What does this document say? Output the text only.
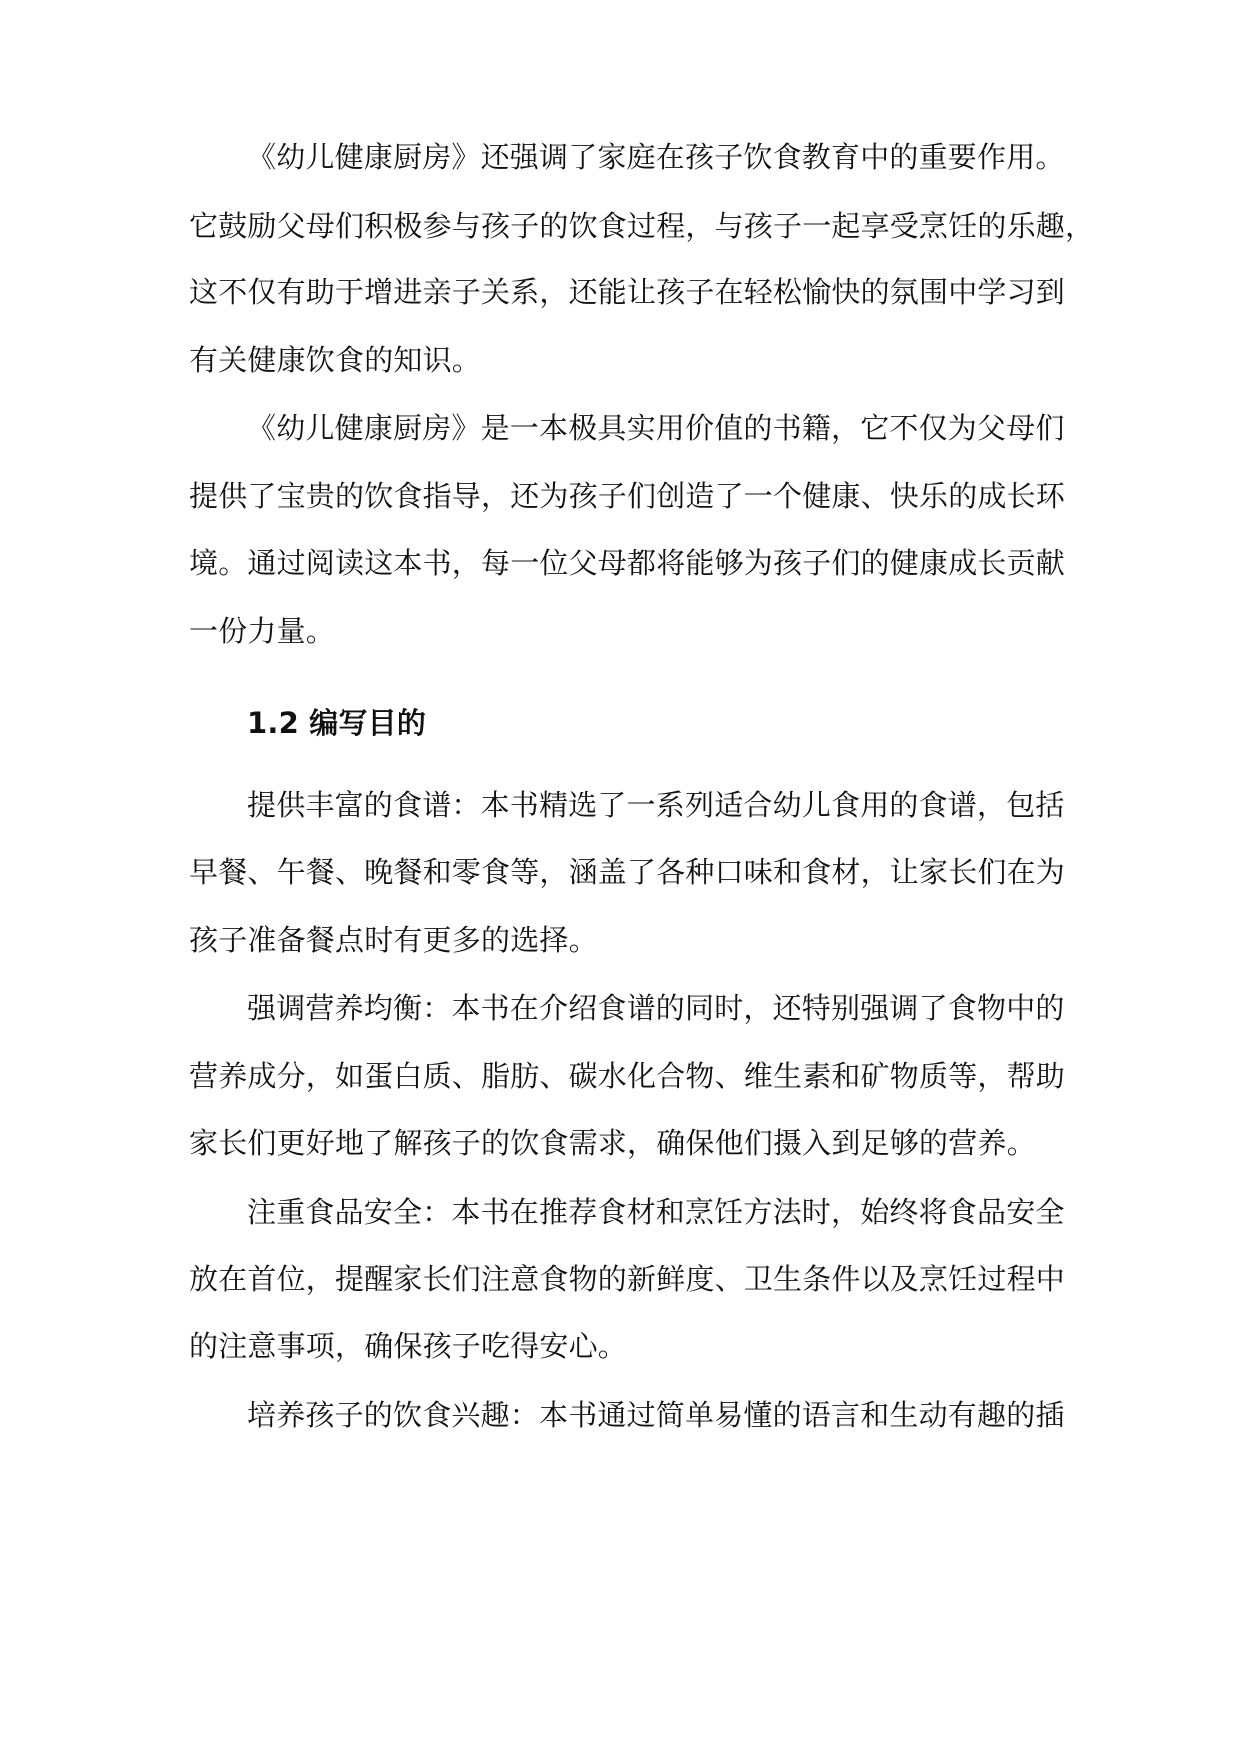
《幼儿健康厨房》还强调了家庭在孩子饮食教育中的重要作用。
它鼓励父母们积极参与孩子的饮食过程，与孩子一起享受烹饪的乐趣，
这不仅有助于增进亲子关系，还能让孩子在轻松愉快的氛围中学习到
有关健康饮食的知识。
《幼儿健康厨房》是一本极具实用价值的书籍，它不仅为父母们
提供了宝贵的饮食指导，还为孩子们创造了一个健康、快乐的成长环
境。通过阅读这本书，每一位父母都将能够为孩子们的健康成长贡献
一份力量。
1.2 编写目的
提供丰富的食谱：本书精选了一系列适合幼儿食用的食谱，包括
早餐、午餐、晚餐和零食等，涵盖了各种口味和食材，让家长们在为
孩子准备餐点时有更多的选择。
强调营养均衡：本书在介绍食谱的同时，还特别强调了食物中的
营养成分，如蛋白质、脂肪、碳水化合物、维生素和矿物质等，帮助
家长们更好地了解孩子的饮食需求，确保他们摄入到足够的营养。
注重食品安全：本书在推荐食材和烹饪方法时，始终将食品安全
放在首位，提醒家长们注意食物的新鲜度、卫生条件以及烹饪过程中
的注意事项，确保孩子吃得安心。
培养孩子的饮食兴趣：本书通过简单易懂的语言和生动有趣的插
